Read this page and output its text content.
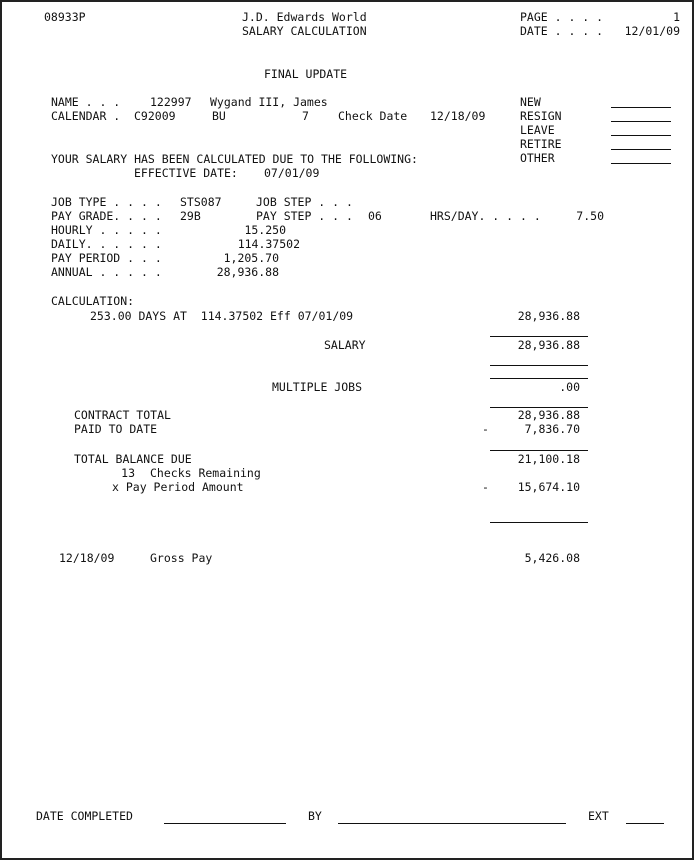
08933P	J.D. Edwards World
SALARY CALCULATION
PAGE . . . .	1
DATE . . . .	12/01/09
FINAL UPDATE
NAME . . .	122997 Wygand III, James
CALENDAR . C92009	BU	7	Check Date 12/18/09
NEW
RESIGN
LEAVE
RETIRE
OTHER
YOUR SALARY HAS BEEN CALCULATED DUE TO THE FOLLOWING:
EFFECTIVE DATE: 07/01/09
JOB TYPE . . . . STS087	JOB STEP . . .
PAY GRADE. . . . 29B	PAY STEP . . . 06	HRS/DAY. . . . .	7.50
HOURLY . . . . .	15.250
DAILY. . . . . .	114.37502
PAY PERIOD . . .	1,205.70
ANNUAL . . . . .	28,936.88
CALCULATION:
253.00 DAYS AT  114.37502 Eff 07/01/09	28,936.88
SALARY	28,936.88
MULTIPLE JOBS	.00
CONTRACT TOTAL	28,936.88
PAID TO DATE	-	7,836.70
TOTAL BALANCE DUE	21,100.18
13 Checks Remaining
x Pay Period Amount	-	15,674.10
12/18/09	Gross Pay	5,426.08
DATE COMPLETED	BY	EXT
